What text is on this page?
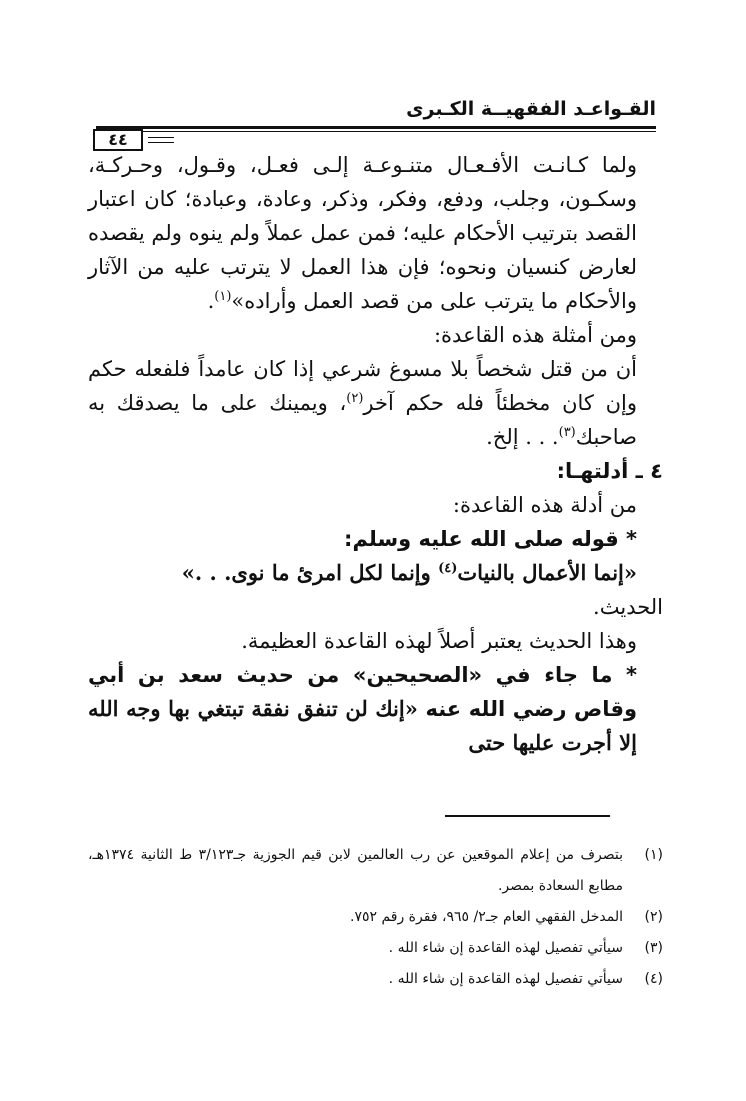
القـواعـد الفقهيــة الكـبرى
٤٤

ولما كـانـت الأفـعـال متنـوعـة إلـى فعـل، وقـول، وحـركـة، وسكـون، وجلب، ودفع، وفكر، وذكر، وعادة، وعبادة؛ كان اعتبار القصد بترتيب الأحكام عليه؛ فمن عمل عملاً ولم ينوه ولم يقصده لعارض كنسيان ونحوه؛ فإن هذا العمل لا يترتب عليه من الآثار والأحكام ما يترتب على من قصد العمل وأراده»$^{(١)}$.

ومن أمثلة هذه القاعدة:

أن من قتل شخصاً بلا مسوغ شرعي إذا كان عامداً فلفعله حكم وإن كان مخطئاً فله حكم آخر$^{(٢)}$، ويمينك على ما يصدقك به صاحبك$^{(٣)}$. . . إلخ.

٤ ـ أدلتهـا:

من أدلة هذه القاعدة:

* قوله صلى الله عليه وسلم:

«إنما الأعمال بالنيات$^{(٤)}$ وإنما لكل امرئ ما نوى. . .»

الحديث.

وهذا الحديث يعتبر أصلاً لهذه القاعدة العظيمة.

* ما جاء في «الصحيحين» من حديث سعد بن أبي وقاص رضي الله عنه «إنك لن تنفق نفقة تبتغي بها وجه الله إلا أجرت عليها حتى

(١)
بتصرف من إعلام الموقعين عن رب العالمين لابن قيم الجوزية جـ٣/١٢٣ ط الثانية ١٣٧٤هـ، مطابع السعادة بمصر.
(٢)
المدخل الفقهي العام جـ٢/ ٩٦٥، فقرة رقم ٧٥٢.
(٣)
سيأتي تفصيل لهذه القاعدة إن شاء الله .
(٤)
سيأتي تفصيل لهذه القاعدة إن شاء الله .
